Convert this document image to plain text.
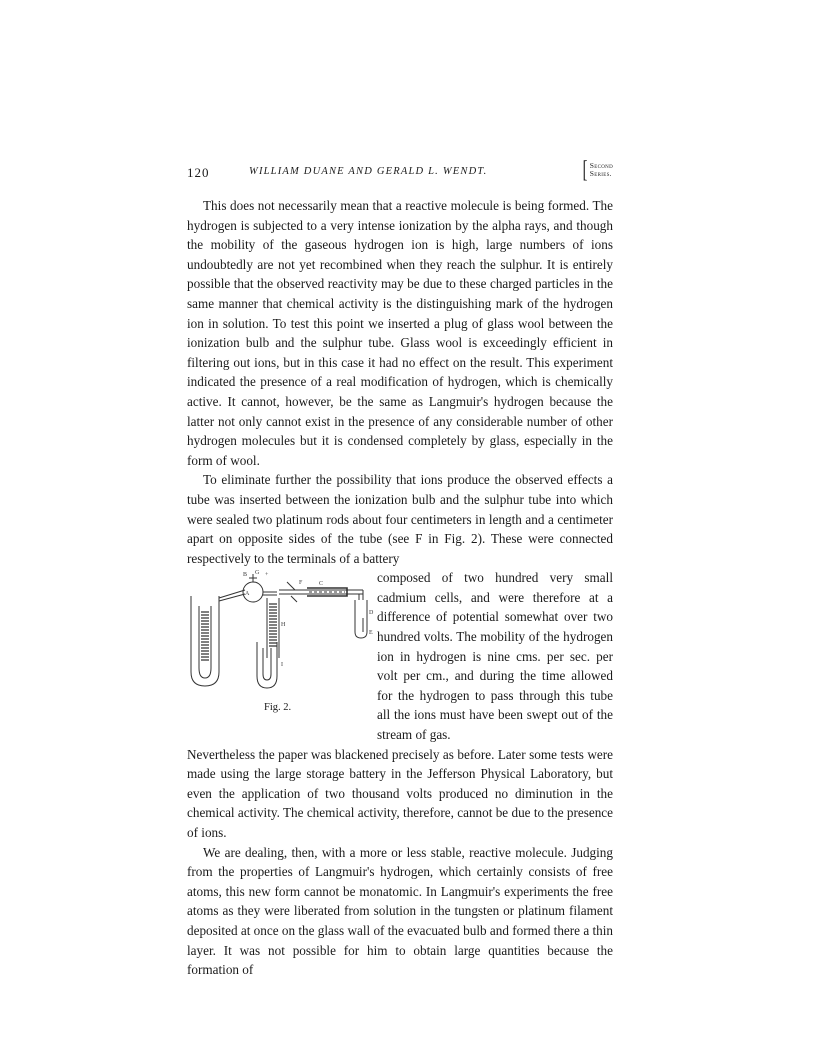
120	WILLIAM DUANE AND GERALD L. WENDT.	[ Second
Series.

This does not necessarily mean that a reactive molecule is being formed. The hydrogen is subjected to a very intense ionization by the alpha rays, and though the mobility of the gaseous hydrogen ion is high, large numbers of ions undoubtedly are not yet recombined when they reach the sulphur. It is entirely possible that the observed reactivity may be due to these charged particles in the same manner that chemical activity is the distinguishing mark of the hydrogen ion in solution. To test this point we inserted a plug of glass wool between the ionization bulb and the sulphur tube. Glass wool is exceedingly efficient in filtering out ions, but in this case it had no effect on the result. This experiment indicated the presence of a real modification of hydrogen, which is chemically active. It cannot, however, be the same as Langmuir's hydrogen because the latter not only cannot exist in the presence of any considerable number of other hydrogen molecules but it is condensed completely by glass, especially in the form of wool.

To eliminate further the possibility that ions produce the observed effects a tube was inserted between the ionization bulb and the sulphur tube into which were sealed two platinum rods about four centimeters in length and a centimeter apart on opposite sides of the tube (see F in Fig. 2). These were connected respectively to the terminals of a battery

B G +
A
F	C
H
I
D
E
Fig. 2.

composed of two hundred very small cadmium cells, and were therefore at a difference of potential somewhat over two hundred volts. The mobility of the hydrogen ion in hydrogen is nine cms. per sec. per volt per cm., and during the time allowed for the hydrogen to pass through this tube all the ions must have been swept out of the stream of gas.

Nevertheless the paper was blackened precisely as before. Later some tests were made using the large storage battery in the Jefferson Physical Laboratory, but even the application of two thousand volts produced no diminution in the chemical activity. The chemical activity, therefore, cannot be due to the presence of ions.

We are dealing, then, with a more or less stable, reactive molecule. Judging from the properties of Langmuir's hydrogen, which certainly consists of free atoms, this new form cannot be monatomic. In Langmuir's experiments the free atoms as they were liberated from solution in the tungsten or platinum filament deposited at once on the glass wall of the evacuated bulb and formed there a thin layer. It was not possible for him to obtain large quantities because the formation of
